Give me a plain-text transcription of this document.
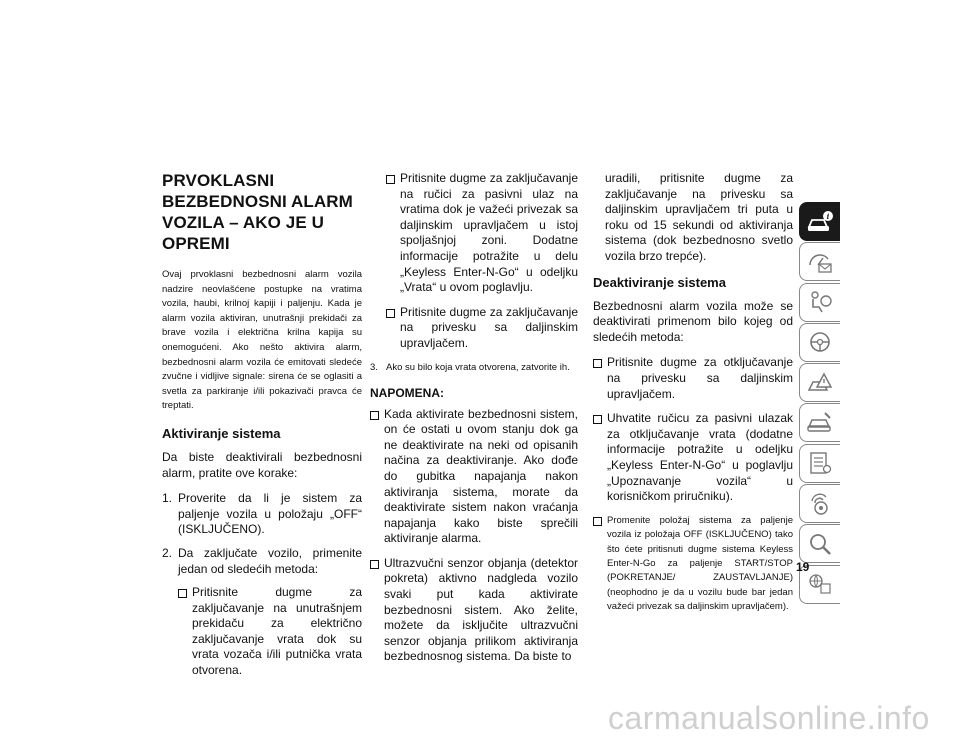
PRVOKLASNI BEZBEDNOSNI ALARM VOZILA – AKO JE U OPREMI

Ovaj prvoklasni bezbednosni alarm vozila nadzire neovlašćene postupke na vratima vozila, haubi, krilnoj kapiji i paljenju. Kada je alarm vozila aktiviran, unutrašnji prekidači za brave vozila i električna krilna kapija su onemogućeni. Ako nešto aktivira alarm, bezbednosni alarm vozila će emitovati sledeće zvučne i vidljive signale: sirena će se oglasiti a svetla za parkiranje i/ili pokazivači pravca će treptati.

Aktiviranje sistema

Da biste deaktivirali bezbednosni alarm, pratite ove korake:

1. Proverite da li je sistem za paljenje vozila u položaju „OFF“ (ISKLJUČENO).
2. Da zaključate vozilo, primenite jedan od sledećih metoda:
Pritisnite dugme za zaključavanje na unutrašnjem prekidaču za električno zaključavanje vrata dok su vrata vozača i/ili putnička vrata otvorena.
Pritisnite dugme za zaključavanje na ručici za pasivni ulaz na vratima dok je važeći privezak sa daljinskim upravljačem u istoj spoljašnjoj zoni. Dodatne informacije potražite u delu „Keyless Enter-N-Go“ u odeljku „Vrata“ u ovom poglavlju.
Pritisnite dugme za zaključavanje na privesku sa daljinskim upravljačem.
3. Ako su bilo koja vrata otvorena, zatvorite ih.
NAPOMENA:
Kada aktivirate bezbednosni sistem, on će ostati u ovom stanju dok ga ne deaktivirate na neki od opisanih načina za deaktiviranje. Ako dođe do gubitka napajanja nakon aktiviranja sistema, morate da deaktivirate sistem nakon vraćanja napajanja kako biste sprečili aktiviranje alarma.
Ultrazvučni senzor objanja (detektor pokreta) aktivno nadgleda vozilo svaki put kada aktivirate bezbednosni sistem. Ako želite, možete da isključite ultrazvučni senzor objanja prilikom aktiviranja bezbednosnog sistema. Da biste to

uradili, pritisnite dugme za zaključavanje na privesku sa daljinskim upravljačem tri puta u roku od 15 sekundi od aktiviranja sistema (dok bezbednosno svetlo vozila brzo trepće).

Deaktiviranje sistema

Bezbednosni alarm vozila može se deaktivirati primenom bilo kojeg od sledećih metoda:

Pritisnite dugme za otključavanje na privesku sa daljinskim upravljačem.
Uhvatite ručicu za pasivni ulazak za otključavanje vrata (dodatne informacije potražite u odeljku „Keyless Enter-N-Go“ u poglavlju „Upoznavanje vozila“ u korisničkom priručniku).
Promenite položaj sistema za paljenje vozila iz položaja OFF (ISKLJUČENO) tako što ćete pritisnuti dugme sistema Keyless Enter-N-Go za paljenje START/STOP (POKRETANJE/ ZAUSTAVLJANJE) (neophodno je da u vozilu bude bar jedan važeći privezak sa daljinskim upravljačem).
i
19
carmanualsonline.info
